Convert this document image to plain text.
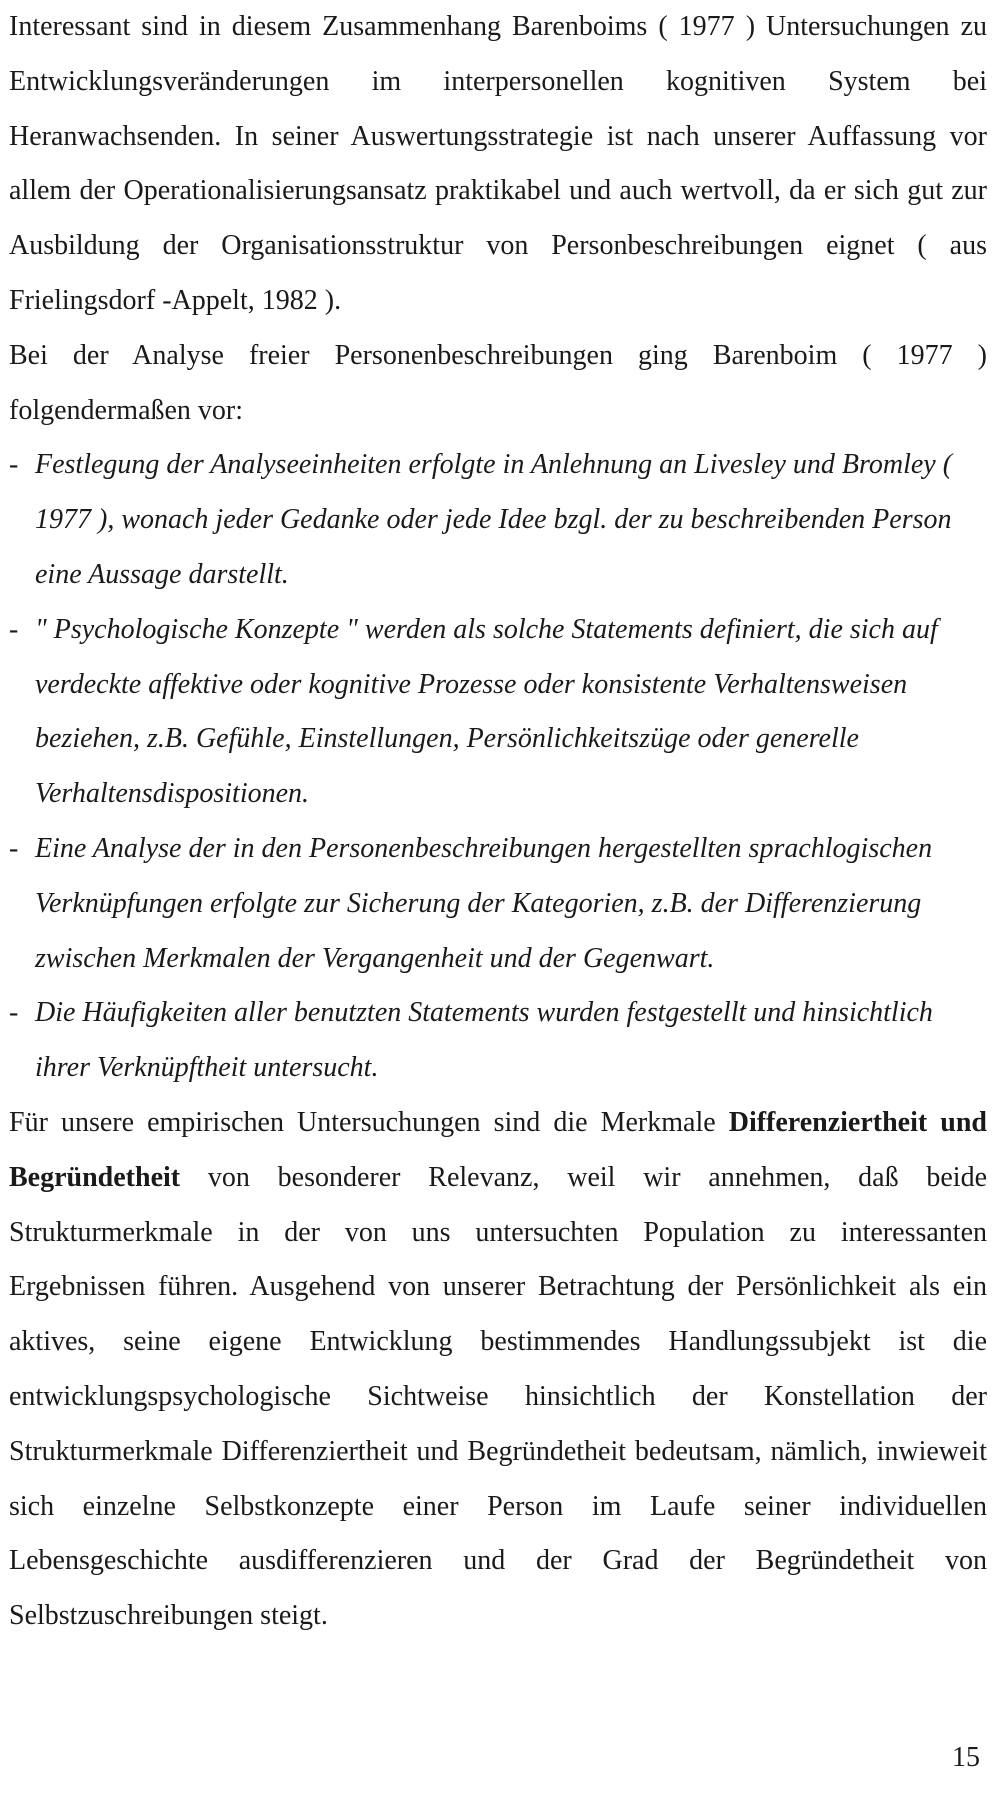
Interessant sind in diesem Zusammenhang Barenboims ( 1977 ) Untersuchungen zu Entwicklungsveränderungen im interpersonellen kognitiven System bei Heranwachsenden. In seiner Auswertungsstrategie ist nach unserer Auffassung vor allem der Operationalisierungsansatz praktikabel und auch wertvoll, da er sich gut zur Ausbildung der Organisationsstruktur von Personbeschreibungen eignet ( aus Frielingsdorf -Appelt, 1982 ).

Bei der Analyse freier Personenbeschreibungen ging Barenboim ( 1977 ) folgendermaßen vor:

- Festlegung der Analyseeinheiten erfolgte in Anlehnung an Livesley und Bromley ( 1977 ), wonach jeder Gedanke oder jede Idee bzgl. der zu beschreibenden Person eine Aussage darstellt.
- " Psychologische Konzepte " werden als solche Statements definiert, die sich auf verdeckte affektive oder kognitive Prozesse oder konsistente Verhaltensweisen beziehen, z.B. Gefühle, Einstellungen, Persönlichkeitszüge oder generelle Verhaltensdispositionen.
- Eine Analyse der in den Personenbeschreibungen hergestellten sprachlogischen Verknüpfungen erfolgte zur Sicherung der Kategorien, z.B. der Differenzierung zwischen Merkmalen der Vergangenheit und der Gegenwart.
- Die Häufigkeiten aller benutzten Statements wurden festgestellt und hinsichtlich ihrer Verknüpftheit untersucht.

Für unsere empirischen Untersuchungen sind die Merkmale Differenziertheit und Begründetheit von besonderer Relevanz, weil wir annehmen, daß beide Strukturmerkmale in der von uns untersuchten Population zu interessanten Ergebnissen führen. Ausgehend von unserer Betrachtung der Persönlichkeit als ein aktives, seine eigene Entwicklung bestimmendes Handlungssubjekt ist die entwicklungspsychologische Sichtweise hinsichtlich der Konstellation der Strukturmerkmale Differenziertheit und Begründetheit bedeutsam, nämlich, inwieweit sich einzelne Selbstkonzepte einer Person im Laufe seiner individuellen Lebensgeschichte ausdifferenzieren und der Grad der Begründetheit von Selbstzuschreibungen steigt.

15
